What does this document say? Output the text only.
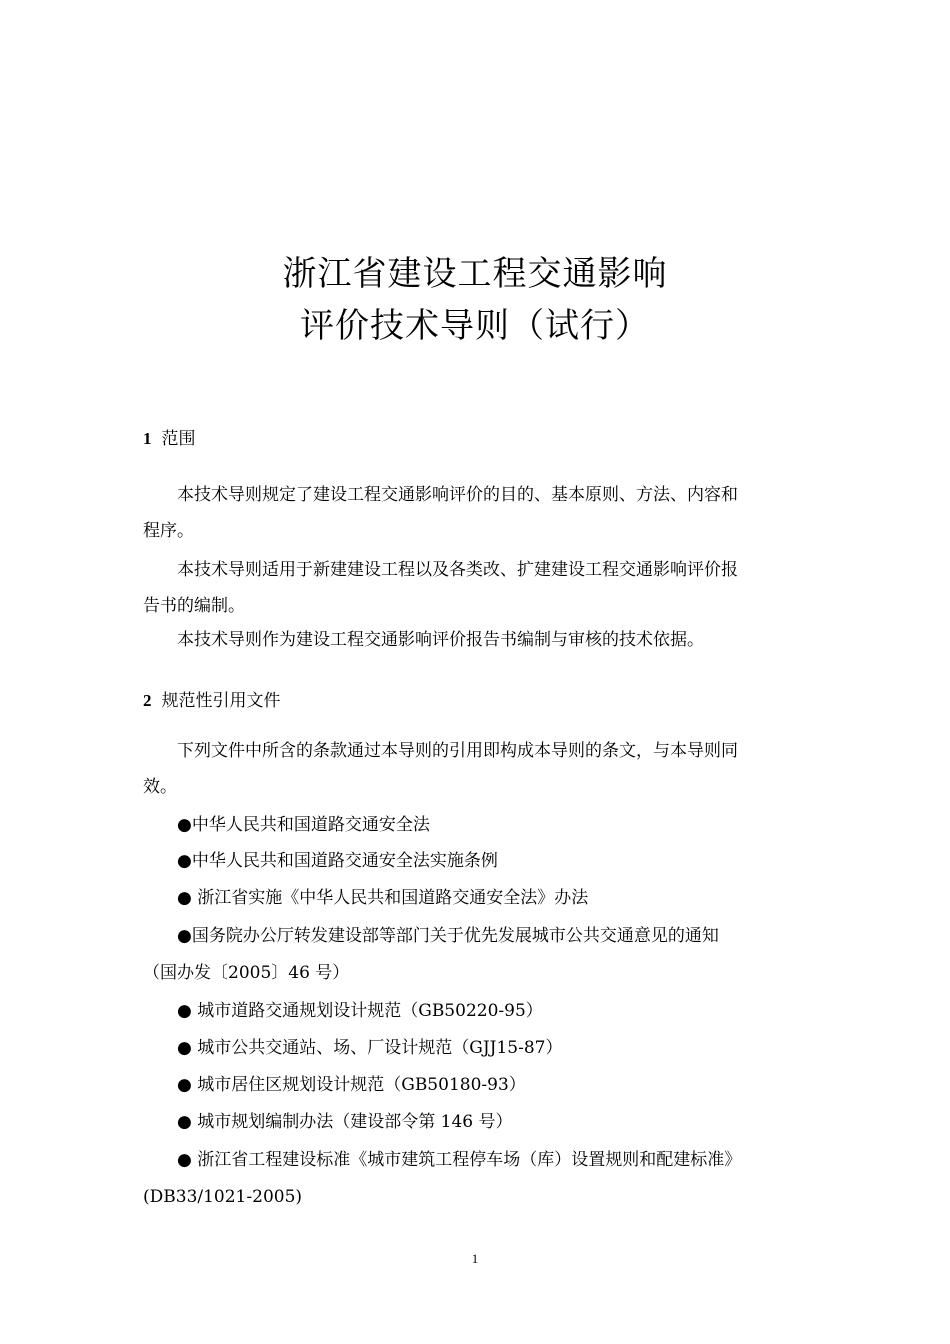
浙江省建设工程交通影响
评价技术导则（试行）
1 范围
本技术导则规定了建设工程交通影响评价的目的、基本原则、方法、内容和
程序。
本技术导则适用于新建建设工程以及各类改、扩建建设工程交通影响评价报
告书的编制。
本技术导则作为建设工程交通影响评价报告书编制与审核的技术依据。
2 规范性引用文件
下列文件中所含的条款通过本导则的引用即构成本导则的条文，与本导则同
效。
●中华人民共和国道路交通安全法
●中华人民共和国道路交通安全法实施条例
● 浙江省实施《中华人民共和国道路交通安全法》办法
●国务院办公厅转发建设部等部门关于优先发展城市公共交通意见的通知
（国办发〔2005〕46 号）
● 城市道路交通规划设计规范（GB50220-95）
● 城市公共交通站、场、厂设计规范（GJJ15-87）
● 城市居住区规划设计规范（GB50180-93）
● 城市规划编制办法（建设部令第 146 号）
● 浙江省工程建设标准《城市建筑工程停车场（库）设置规则和配建标准》
(DB33/1021-2005)
1
